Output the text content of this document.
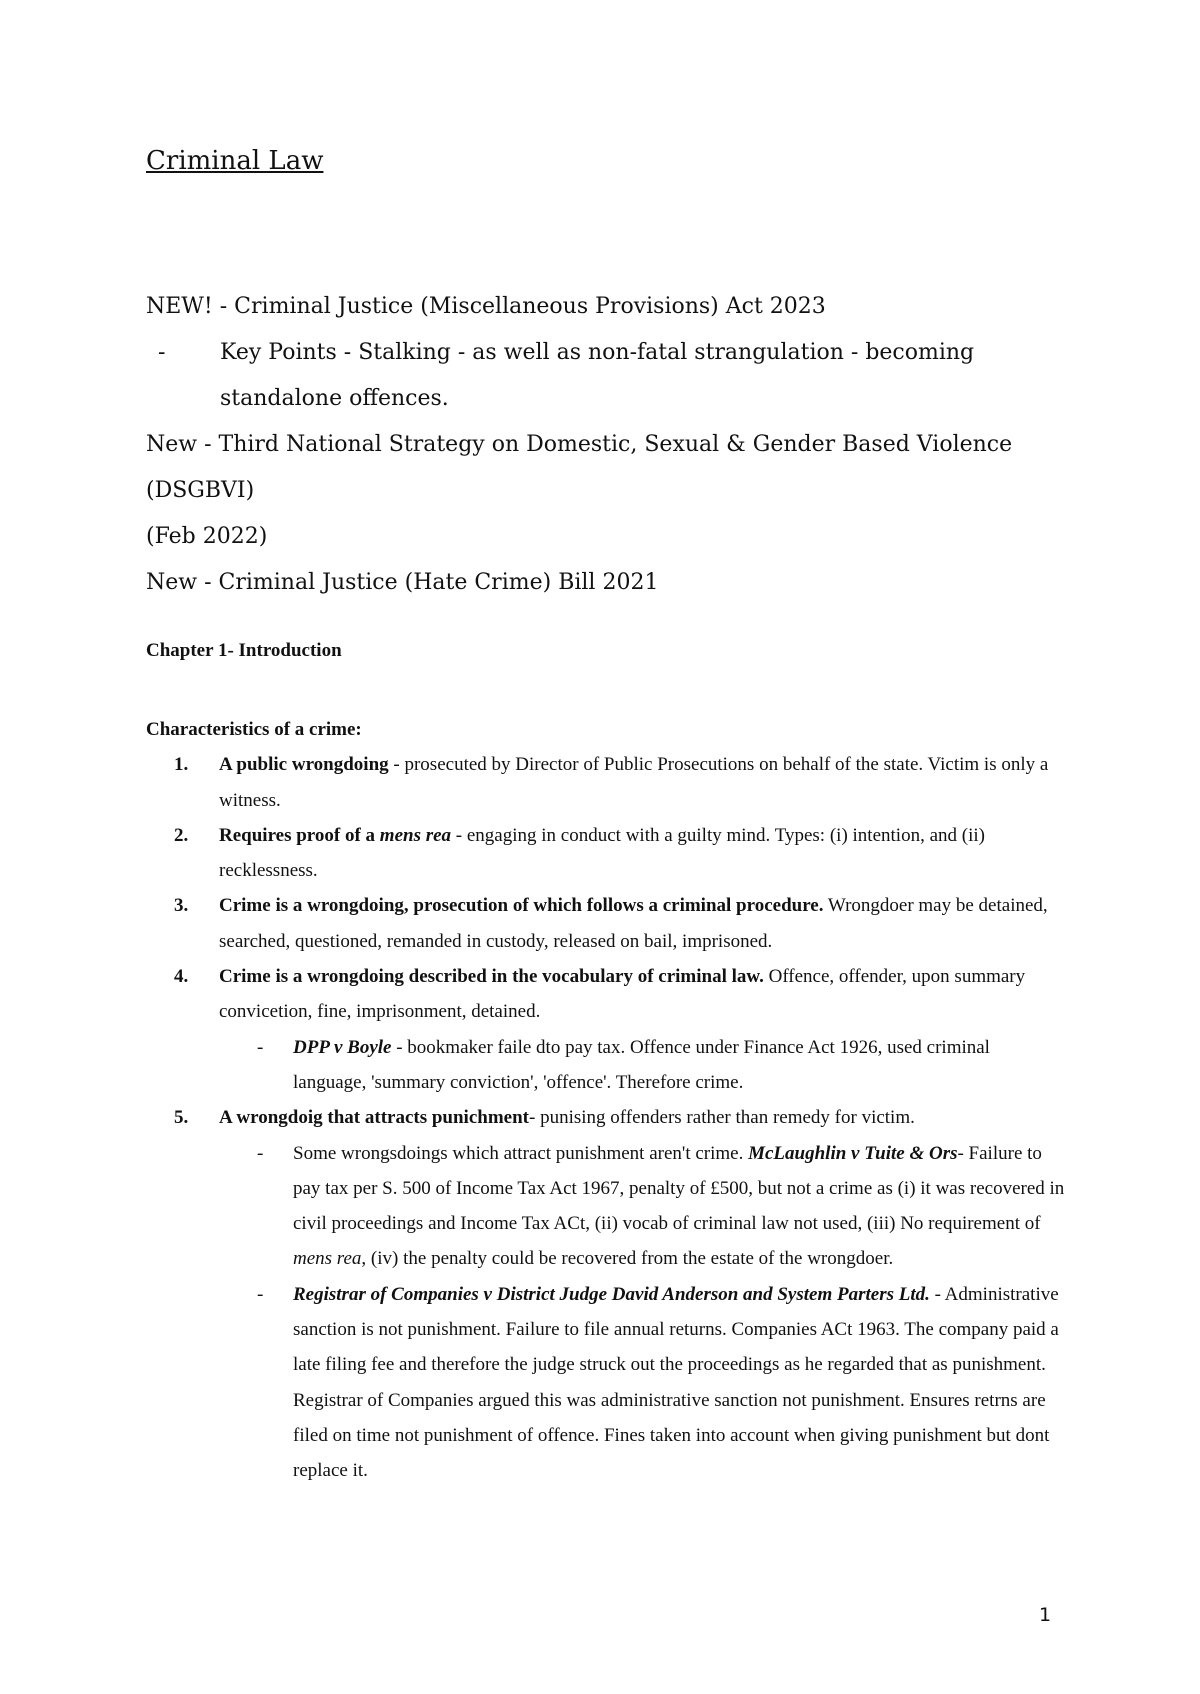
Criminal Law

NEW! - Criminal Justice (Miscellaneous Provisions) Act 2023

- Key Points - Stalking - as well as non-fatal strangulation - becoming standalone offences.

New - Third National Strategy on Domestic, Sexual & Gender Based Violence (DSGBVI)

(Feb 2022)

New - Criminal Justice (Hate Crime) Bill 2021

Chapter 1- Introduction

Characteristics of a crime:

1. A public wrongdoing - prosecuted by Director of Public Prosecutions on behalf of the state. Victim is only a witness.
2. Requires proof of a mens rea - engaging in conduct with a guilty mind. Types: (i) intention, and (ii) recklessness.
3. Crime is a wrongdoing, prosecution of which follows a criminal procedure. Wrongdoer may be detained, searched, questioned, remanded in custody, released on bail, imprisoned.
4. Crime is a wrongdoing described in the vocabulary of criminal law. Offence, offender, upon summary convicetion, fine, imprisonment, detained.
- DPP v Boyle - bookmaker faile dto pay tax. Offence under Finance Act 1926, used criminal language, 'summary conviction', 'offence'. Therefore crime.
5. A wrongdoig that attracts punichment- punising offenders rather than remedy for victim.
- Some wrongsdoings which attract punishment aren't crime. McLaughlin v Tuite & Ors- Failure to pay tax per S. 500 of Income Tax Act 1967, penalty of £500, but not a crime as (i) it was recovered in civil proceedings and Income Tax ACt, (ii) vocab of criminal law not used, (iii) No requirement of mens rea, (iv) the penalty could be recovered from the estate of the wrongdoer.
- Registrar of Companies v District Judge David Anderson and System Parters Ltd. - Administrative sanction is not punishment. Failure to file annual returns. Companies ACt 1963. The company paid a late filing fee and therefore the judge struck out the proceedings as he regarded that as punishment. Registrar of Companies argued this was administrative sanction not punishment. Ensures retrns are filed on time not punishment of offence. Fines taken into account when giving punishment but dont replace it.
1
